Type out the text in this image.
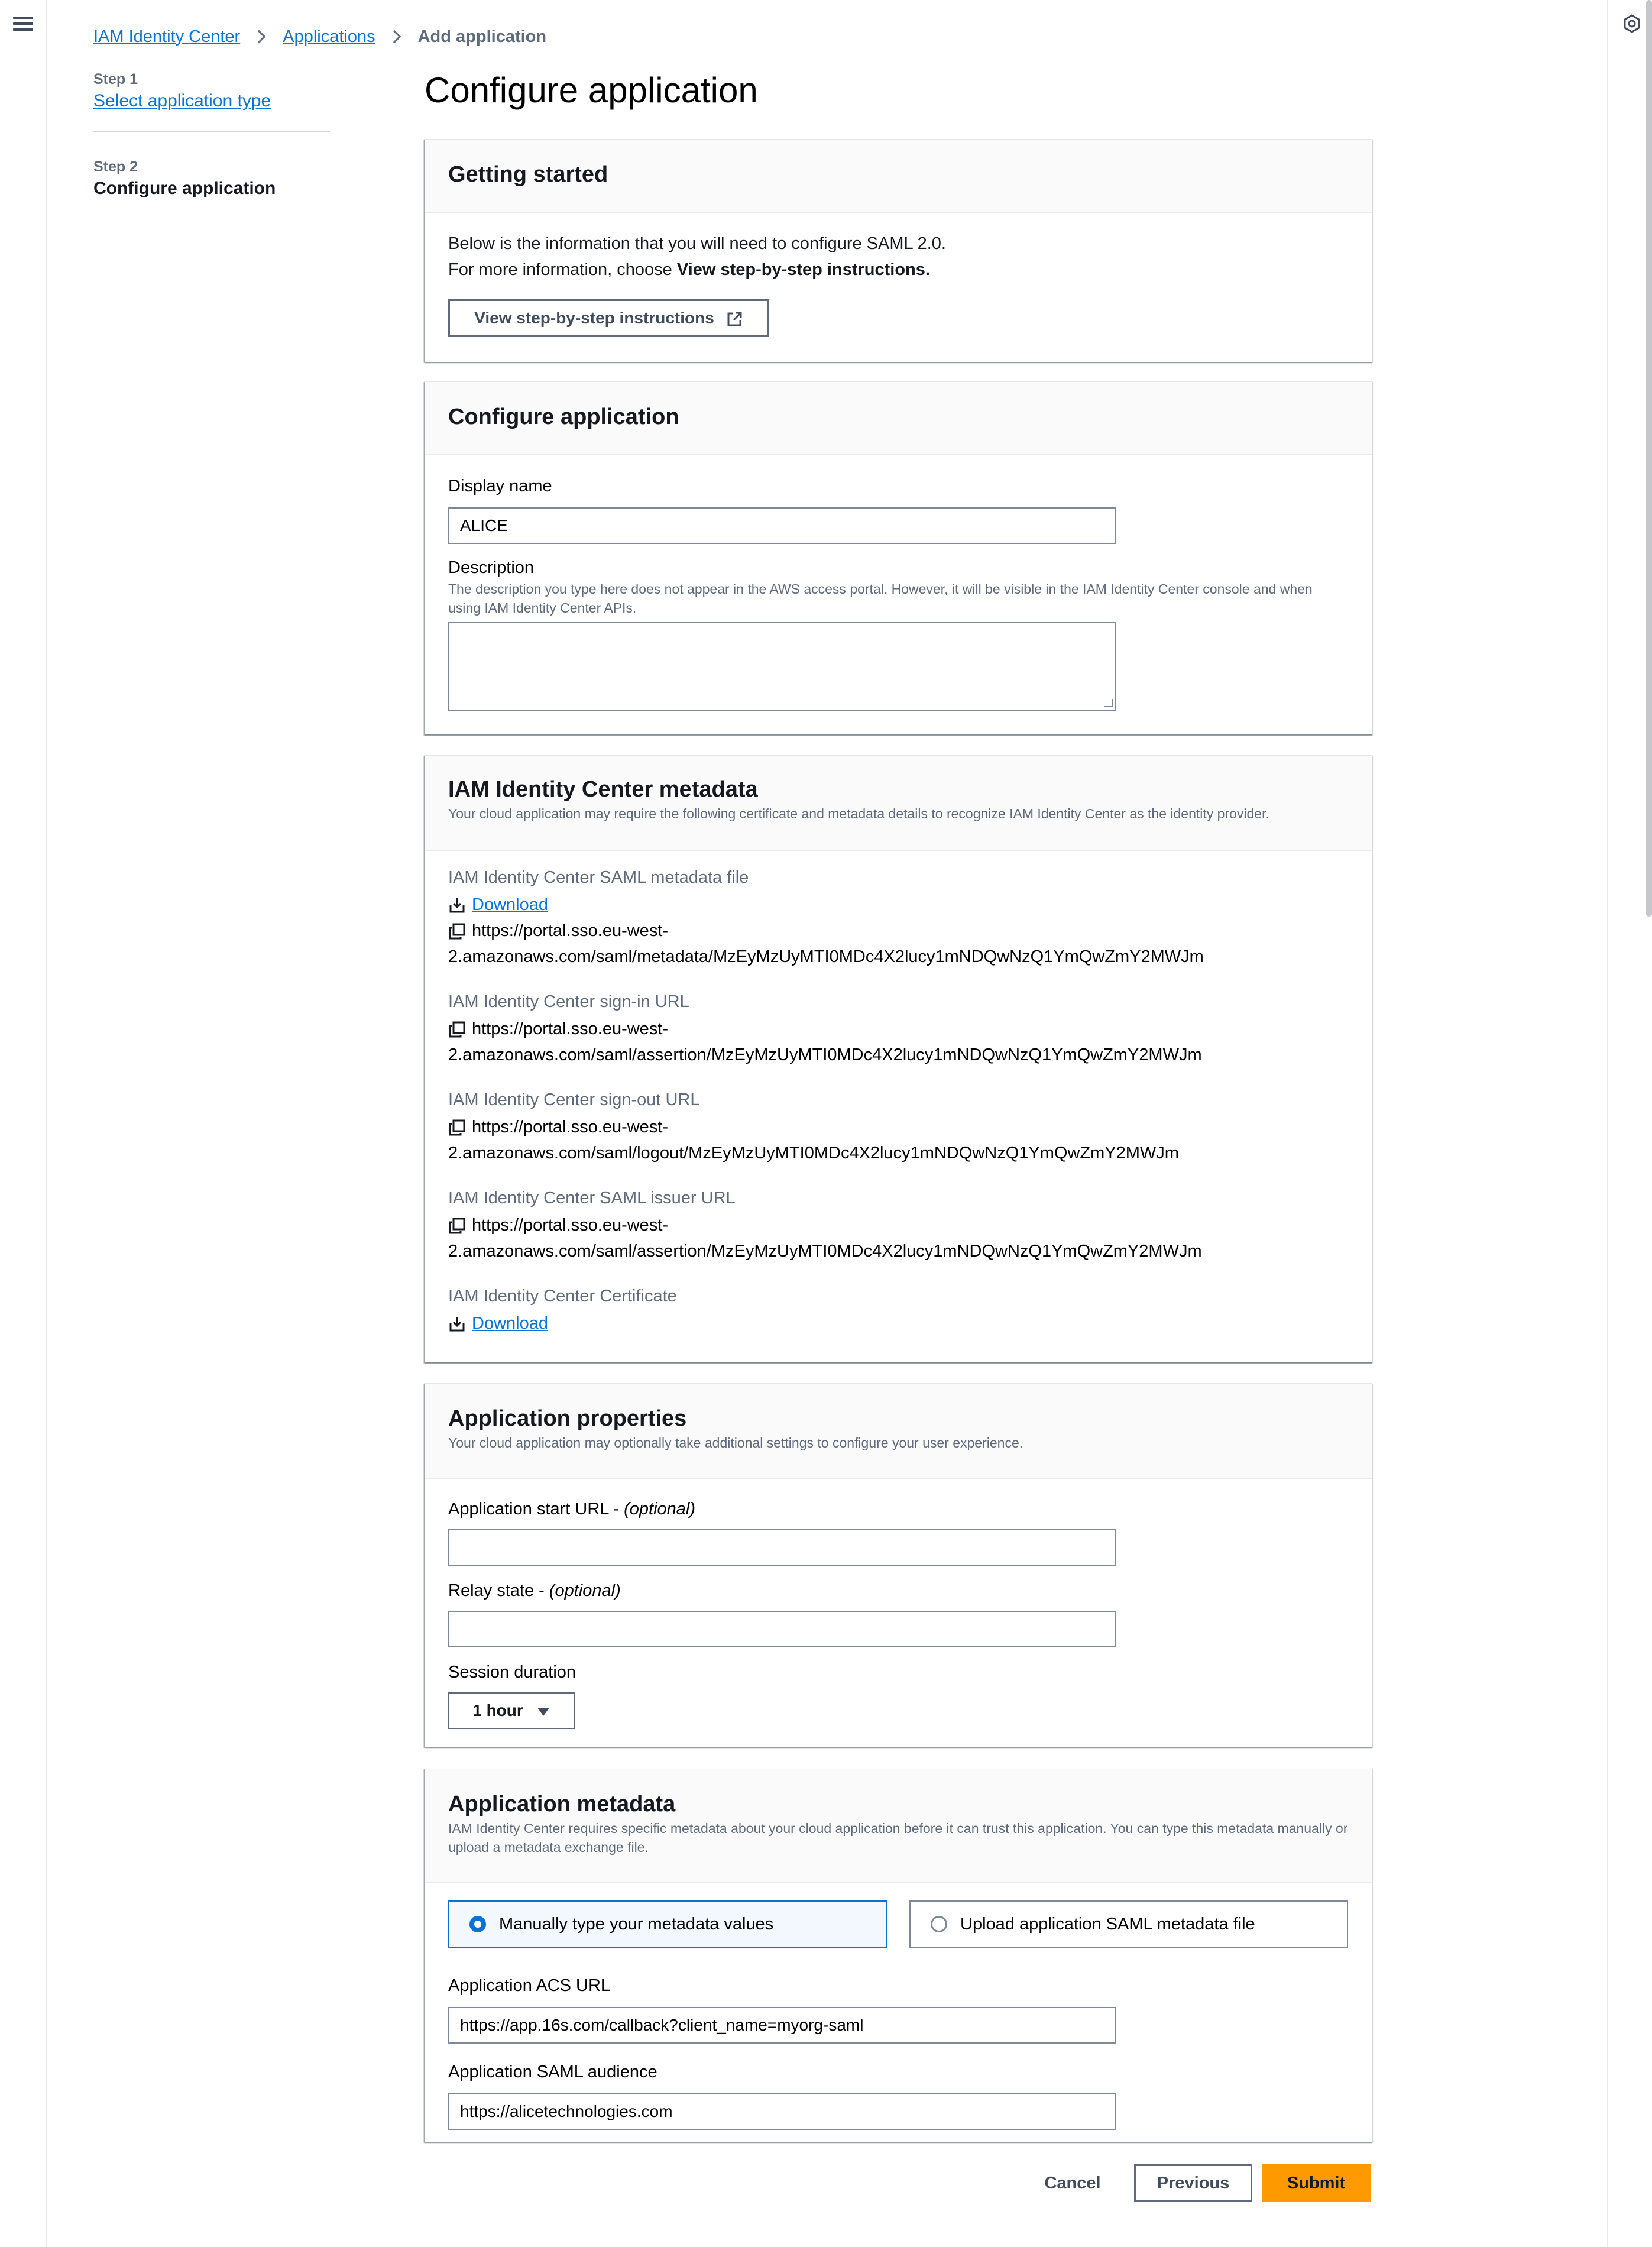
IAM Identity Center Applications Add application
Step 1
Select application type
Step 2
Configure application
Configure application
Getting started
Below is the information that you will need to configure SAML 2.0.
For more information, choose View step-by-step instructions.
View step-by-step instructions
Configure application
Display name
ALICE
Description
The description you type here does not appear in the AWS access portal. However, it will be visible in the IAM Identity Center console and when using IAM Identity Center APIs.
IAM Identity Center metadata
Your cloud application may require the following certificate and metadata details to recognize IAM Identity Center as the identity provider.
IAM Identity Center SAML metadata file
Download
https://portal.sso.eu-west-
2.amazonaws.com/saml/metadata/MzEyMzUyMTI0MDc4X2lucy1mNDQwNzQ1YmQwZmY2MWJm
IAM Identity Center sign-in URL
https://portal.sso.eu-west-
2.amazonaws.com/saml/assertion/MzEyMzUyMTI0MDc4X2lucy1mNDQwNzQ1YmQwZmY2MWJm
IAM Identity Center sign-out URL
https://portal.sso.eu-west-
2.amazonaws.com/saml/logout/MzEyMzUyMTI0MDc4X2lucy1mNDQwNzQ1YmQwZmY2MWJm
IAM Identity Center SAML issuer URL
https://portal.sso.eu-west-
2.amazonaws.com/saml/assertion/MzEyMzUyMTI0MDc4X2lucy1mNDQwNzQ1YmQwZmY2MWJm
IAM Identity Center Certificate
Download
Application properties
Your cloud application may optionally take additional settings to configure your user experience.
Application start URL - (optional)
Relay state - (optional)
Session duration
1 hour
Application metadata
IAM Identity Center requires specific metadata about your cloud application before it can trust this application. You can type this metadata manually or upload a metadata exchange file.
Manually type your metadata values	Upload application SAML metadata file
Application ACS URL
https://app.16s.com/callback?client_name=myorg-saml
Application SAML audience
https://alicetechnologies.com
Cancel	Previous	Submit
